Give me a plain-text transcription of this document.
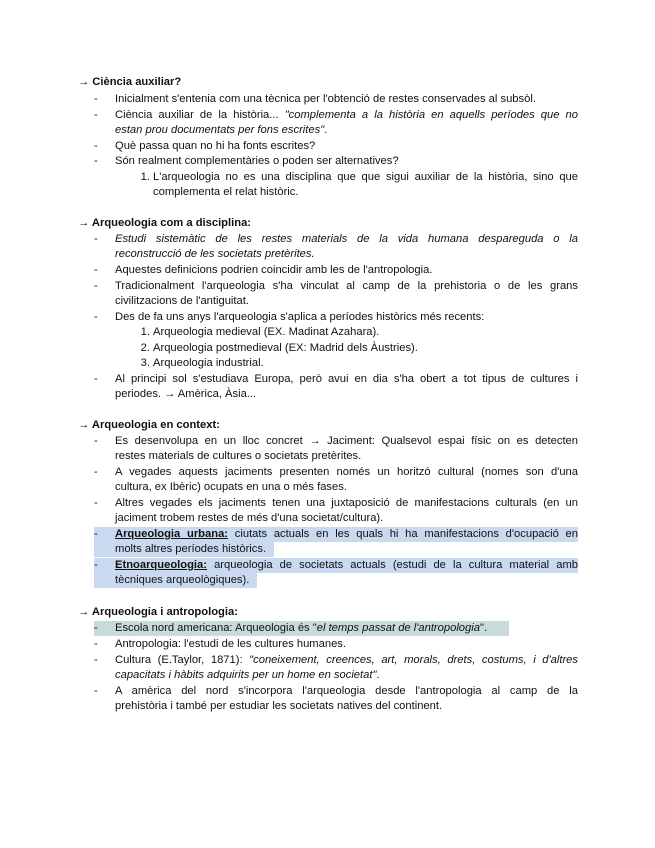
→ Ciència auxiliar?
-	Inicialment s'entenia com una tècnica per l'obtenció de restes conservades al subsòl.
-	Ciència auxiliar de la història... "complementa a la història en aquells períodes que no
estan prou documentats per fons escrites".
-	Què passa quan no hi ha fonts escrites?
-	Són realment complementàries o poden ser alternatives?
1. L'arqueologia no es una disciplina que que sigui auxiliar de la història, sino que
complementa el relat històric.
→ Arqueologia com a disciplina:
-	Estudi sistemàtic de les restes materials de la vida humana despareguda o la
reconstrucció de les societats pretèrites.
-	Aquestes definicions podrien coincidir amb les de l'antropologia.
-	Tradicionalment l'arqueologia s'ha vinculat al camp de la prehistoria o de les grans
civilitzacions de l'antiguitat.
-	Des de fa uns anys l'arqueologia s'aplica a períodes històrics més recents:
1. Arqueologia medieval (EX. Madinat Azahara).
2. Arqueologia postmedieval (EX: Madrid dels Àustries).
3. Arqueologia industrial.
-	Al principi sol s'estudiava Europa, però avui en dia s'ha obert a tot tipus de cultures i
periodes. → Amèrica, Àsia...
→ Arqueologia en context:
-	Es desenvolupa en un lloc concret → Jaciment: Qualsevol espai físic on es detecten
restes materials de cultures o societats pretèrites.
-	A vegades aquests jaciments presenten només un horitzó cultural (nomes son d'una
cultura, ex Ibèric) ocupats en una o més fases.
-	Altres vegades els jaciments tenen una juxtaposició de manifestacions culturals (en un
jaciment trobem restes de més d'una societat/cultura).
-	Arqueologia urbana: ciutats actuals en les quals hi ha manifestacions d'ocupació en
molts altres períodes històrics.
-	Etnoarqueologia: arqueologia de societats actuals (estudi de la cultura material amb
tècniques arqueològiques).
→ Arqueologia i antropologia:
-	Escola nord americana: Arqueologia és "el temps passat de l'antropologia".
-	Antropologia: l'estudi de les cultures humanes.
-	Cultura (E.Taylor, 1871): "coneixement, creences, art, morals, drets, costums, i d'altres
capacitats i hàbits adquirits per un home en societat".
-	A amèrica del nord s'incorpora l'arqueologia desde l'antropologia al camp de la
prehistòria i també per estudiar les societats natives del continent.
